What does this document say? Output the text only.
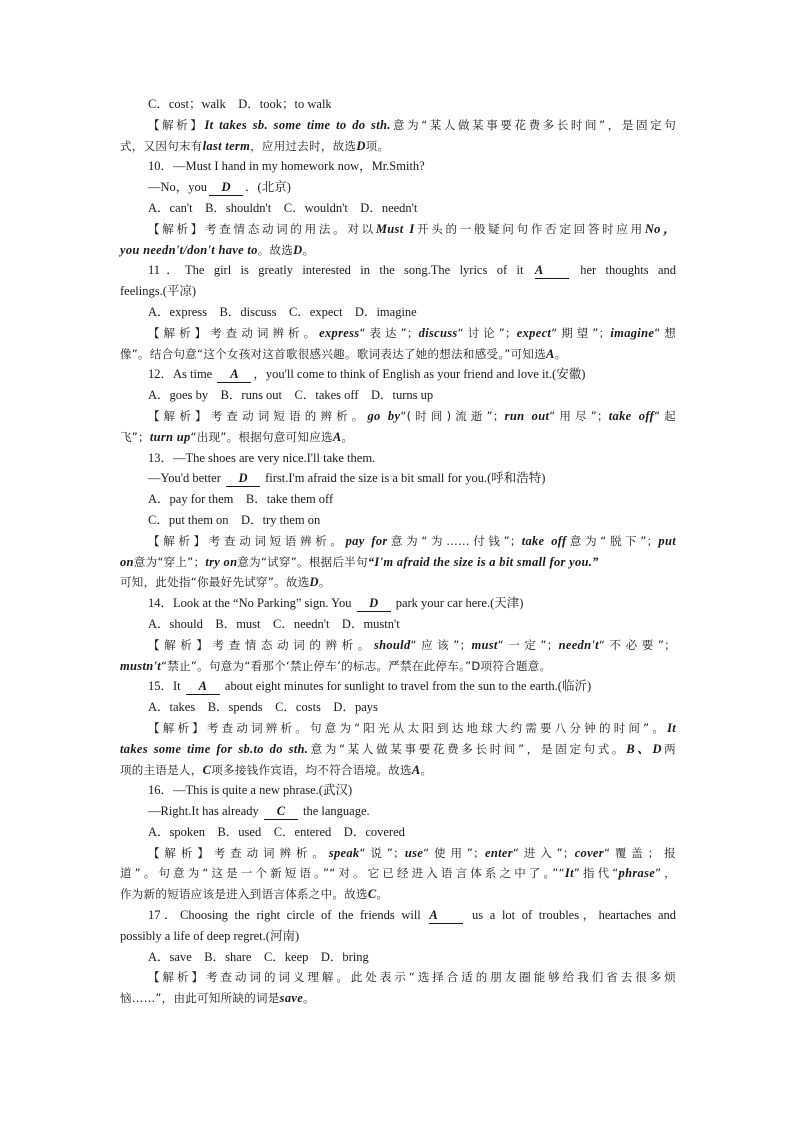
C．cost；walk　D．took；to walk
【解析】It takes sb. some time to do sth.意为“某人做某事要花费多长时间”，是固定句
式，又因句末有last term，应用过去时，故选D项。
10．—Must I hand in my homework now，Mr.Smith?
—No，you D ．(北京)
A．can't　B．shouldn't　C．wouldn't　D．needn't
【解析】考查情态动词的用法。对以Must I开头的一般疑问句作否定回答时应用No，
you needn't/don't have to。故选D。
11．The girl is greatly interested in the song.The lyrics of it A	her thoughts and
feelings.(平凉)
A．express　B．discuss　C．expect　D．imagine
【解析】考查动词辨析。express“表达”；discuss“讨论”；expect“期望”；imagine“想
像”。结合句意“这个女孩对这首歌很感兴趣。歌词表达了她的想法和感受。”可知选A。
12．As time A ，you'll come to think of English as your friend and love it.(安徽)
A．goes by　B．runs out　C．takes off　D．turns up
【解析】考查动词短语的辨析。go by“(时间)流逝”；run out“用尽”；take off“起
飞”；turn up“出现”。根据句意可知应选A。
13．—The shoes are very nice.I'll take them.
—You'd better D first.I'm afraid the size is a bit small for you.(呼和浩特)
A．pay for them　B．take them off
C．put them on　D．try them on
【解析】考查动词短语辨析。pay for意为“为……付钱”；take off意为“脱下”；put
on意为“穿上”；try on意为“试穿”。根据后半句“I'm afraid the size is a bit small for you.”
可知，此处指“你最好先试穿”。故选D。
14．Look at the “No Parking” sign. You D park your car here.(天津)
A．should　B．must　C．needn't　D．mustn't
【解析】考查情态动词的辨析。should“应该”；must“一定”；needn't“不必要”；
mustn't“禁止”。句意为“看那个‘禁止停车’的标志。严禁在此停车。”D项符合题意。
15．It A about eight minutes for sunlight to travel from the sun to the earth.(临沂)
A．takes　B．spends　C．costs　D．pays
【解析】考查动词辨析。句意为“阳光从太阳到达地球大约需要八分钟的时间”。It
takes some time for sb.to do sth.意为“某人做某事要花费多长时间”，是固定句式。B、D两
项的主语是人，C项多接钱作宾语，均不符合语境。故选A。
16．—This is quite a new phrase.(武汉)
—Right.It has already C the language.
A．spoken　B．used　C．entered　D．covered
【解析】考查动词辨析。speak“说”；use“使用”；enter“进入”；cover“覆盖；报
道”。句意为“这是一个新短语。”“对。它已经进入语言体系之中了。”“It”指代“phrase”，
作为新的短语应该是进入到语言体系之中。故选C。
17．Choosing the right circle of the friends will A	us a lot of troubles，heartaches and
possibly a life of deep regret.(河南)
A．save　B．share　C．keep　D．bring
【解析】考查动词的词义理解。此处表示“选择合适的朋友圈能够给我们省去很多烦
恼……”，由此可知所缺的词是save。
